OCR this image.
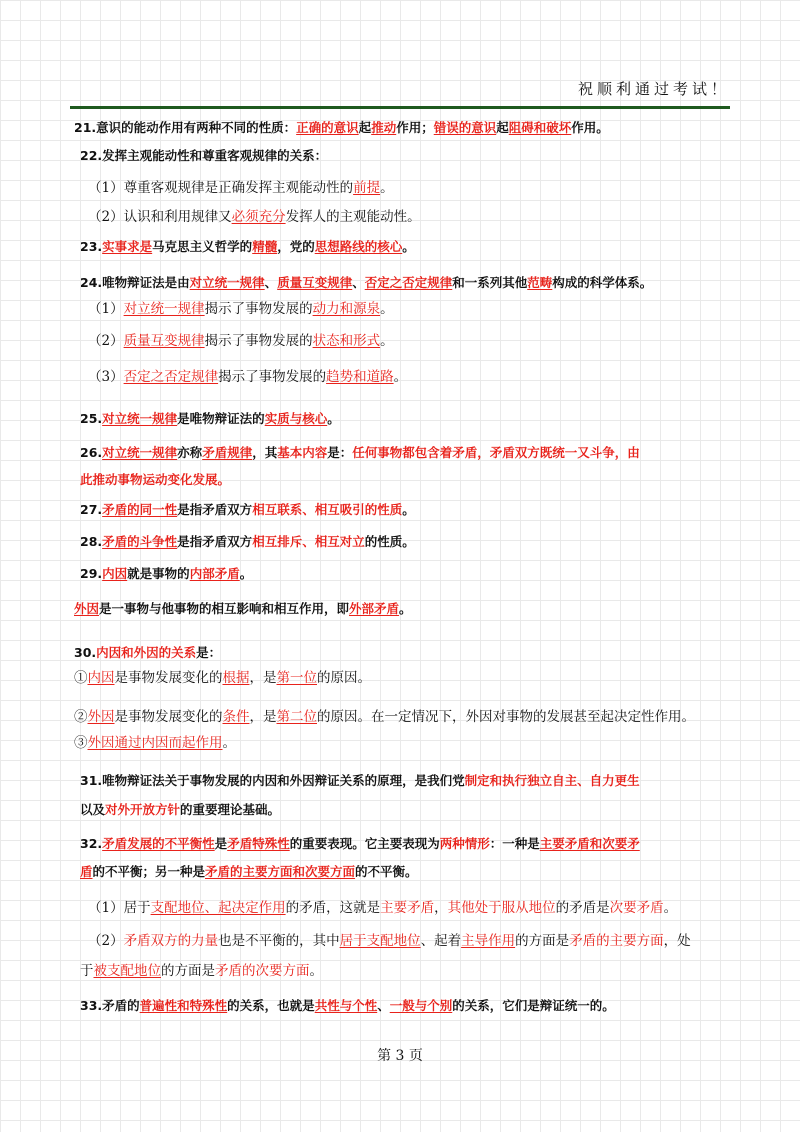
祝顺利通过考试！
21.意识的能动作用有两种不同的性质：正确的意识起推动作用；错误的意识起阻碍和破坏作用。
22.发挥主观能动性和尊重客观规律的关系：
（1）尊重客观规律是正确发挥主观能动性的前提。
（2）认识和利用规律又必须充分发挥人的主观能动性。
23.实事求是马克思主义哲学的精髓，党的思想路线的核心。
24.唯物辩证法是由对立统一规律、质量互变规律、否定之否定规律和一系列其他范畴构成的科学体系。
（1）对立统一规律揭示了事物发展的动力和源泉。
（2）质量互变规律揭示了事物发展的状态和形式。
（3）否定之否定规律揭示了事物发展的趋势和道路。
25.对立统一规律是唯物辩证法的实质与核心。
26.对立统一规律亦称矛盾规律，其基本内容是：任何事物都包含着矛盾，矛盾双方既统一又斗争，由
此推动事物运动变化发展。
27.矛盾的同一性是指矛盾双方相互联系、相互吸引的性质。
28.矛盾的斗争性是指矛盾双方相互排斥、相互对立的性质。
29.内因就是事物的内部矛盾。
外因是一事物与他事物的相互影响和相互作用，即外部矛盾。
30.内因和外因的关系是：
①内因是事物发展变化的根据，是第一位的原因。
②外因是事物发展变化的条件，是第二位的原因。在一定情况下，外因对事物的发展甚至起决定性作用。
③外因通过内因而起作用。
31.唯物辩证法关于事物发展的内因和外因辩证关系的原理，是我们党制定和执行独立自主、自力更生
以及对外开放方针的重要理论基础。
32.矛盾发展的不平衡性是矛盾特殊性的重要表现。它主要表现为两种情形：一种是主要矛盾和次要矛
盾的不平衡；另一种是矛盾的主要方面和次要方面的不平衡。
（1）居于支配地位、起决定作用的矛盾，这就是主要矛盾，其他处于服从地位的矛盾是次要矛盾。
（2）矛盾双方的力量也是不平衡的，其中居于支配地位、起着主导作用的方面是矛盾的主要方面，处
于被支配地位的方面是矛盾的次要方面。
33.矛盾的普遍性和特殊性的关系，也就是共性与个性、一般与个别的关系，它们是辩证统一的。
第 3 页
